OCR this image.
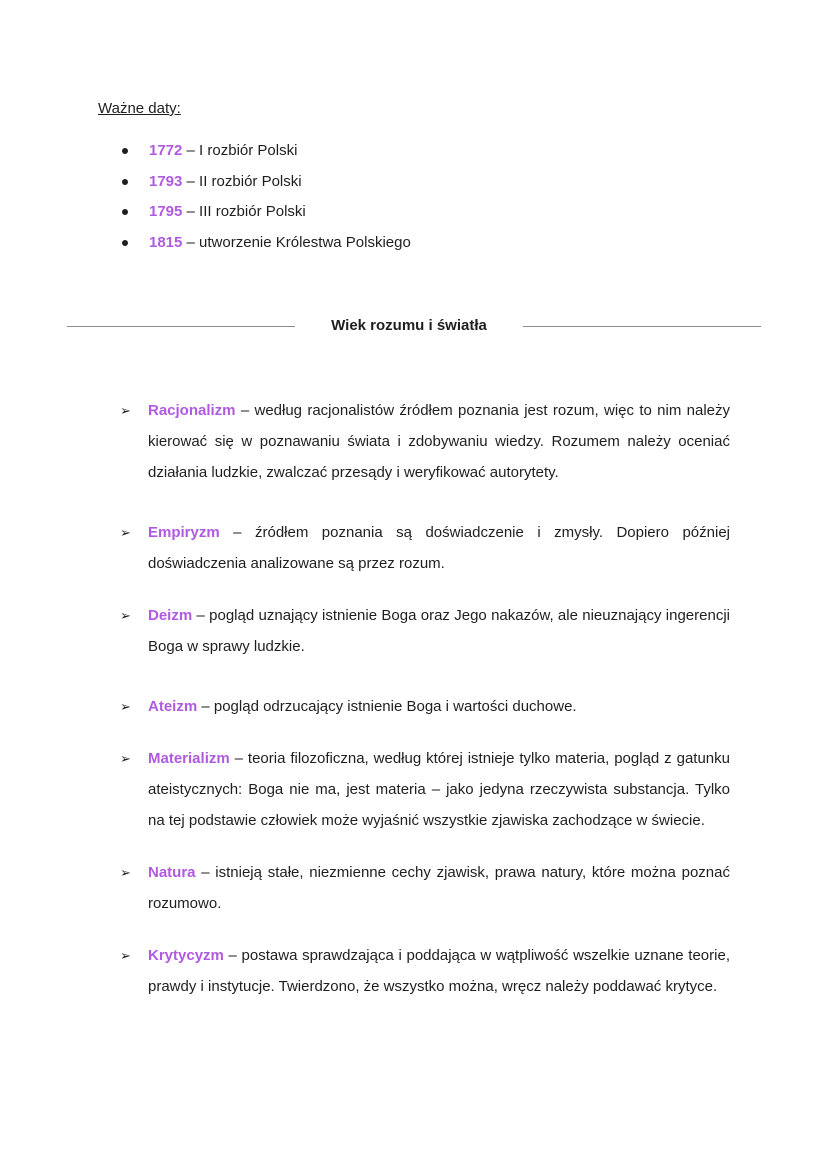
Ważne daty:
1772 – I rozbiór Polski
1793 – II rozbiór Polski
1795 – III rozbiór Polski
1815 – utworzenie Królestwa Polskiego
Wiek rozumu i światła
➢ Racjonalizm – według racjonalistów źródłem poznania jest rozum, więc to nim należy kierować się w poznawaniu świata i zdobywaniu wiedzy. Rozumem należy oceniać działania ludzkie, zwalczać przesądy i weryfikować autorytety.
➢ Empiryzm – źródłem poznania są doświadczenie i zmysły. Dopiero później doświadczenia analizowane są przez rozum.
➢ Deizm – pogląd uznający istnienie Boga oraz Jego nakazów, ale nieuznający ingerencji Boga w sprawy ludzkie.
➢ Ateizm – pogląd odrzucający istnienie Boga i wartości duchowe.
➢ Materializm – teoria filozoficzna, według której istnieje tylko materia, pogląd z gatunku ateistycznych: Boga nie ma, jest materia – jako jedyna rzeczywista substancja. Tylko na tej podstawie człowiek może wyjaśnić wszystkie zjawiska zachodzące w świecie.
➢ Natura – istnieją stałe, niezmienne cechy zjawisk, prawa natury, które można poznać rozumowo.
➢ Krytycyzm – postawa sprawdzająca i poddająca w wątpliwość wszelkie uznane teorie, prawdy i instytucje. Twierdzono, że wszystko można, wręcz należy poddawać krytyce.
